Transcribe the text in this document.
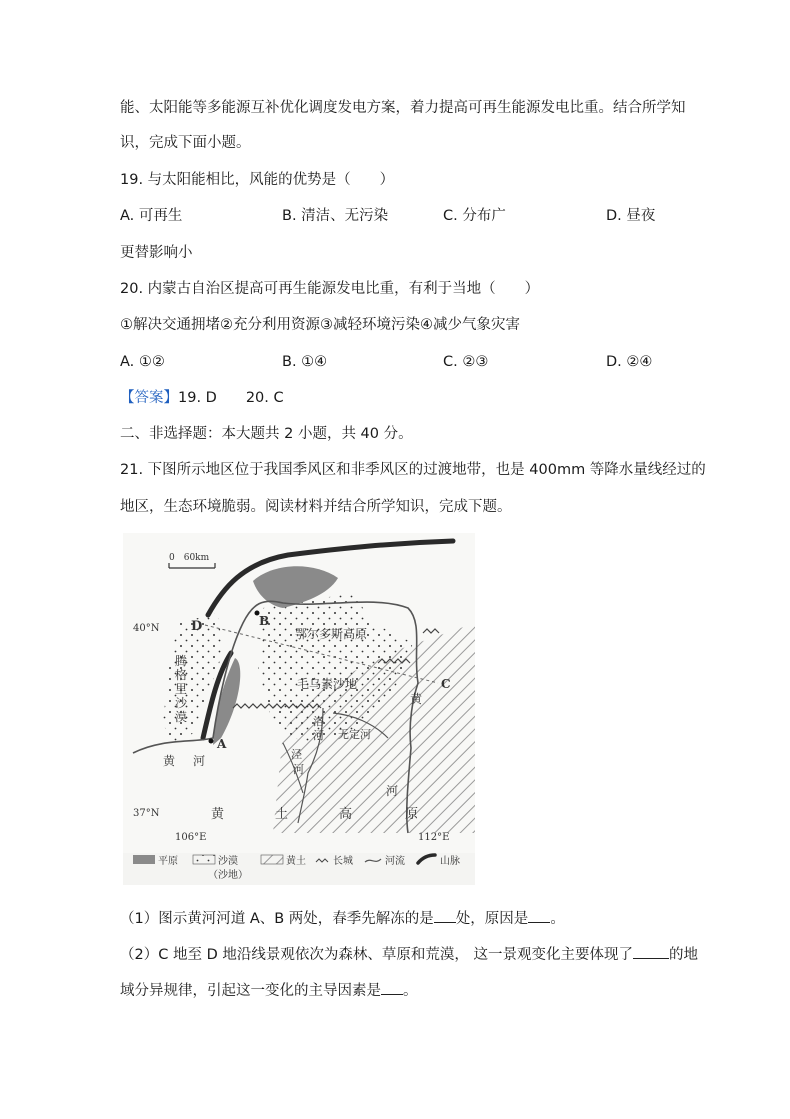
能、太阳能等多能源互补优化调度发电方案，着力提高可再生能源发电比重。结合所学知
识，完成下面小题。
19. 与太阳能相比，风能的优势是（　　）
A. 可再生	B. 清洁、无污染	C. 分布广	D. 昼夜
更替影响小
20. 内蒙古自治区提高可再生能源发电比重，有利于当地（　　）
①解决交通拥堵②充分利用资源③减轻环境污染④减少气象灾害
A. ①②	B. ①④	C. ②③	D. ②④
【答案】19. D　　20. C
二、非选择题：本大题共 2 小题，共 40 分。
21. 下图所示地区位于我国季风区和非季风区的过渡地带，也是 400mm 等降水量线经过的
地区，生态环境脆弱。阅读材料并结合所学知识，完成下题。
0　60km
40°N
37°N
106°E	112°E
D	B
C
A
鄂尔多斯高原
毛乌素沙地
无定河
腾
格
里
沙
漠
黄 河
黄
河
洛
河
泾
河
黄	土	高	原
平原	沙漠
（沙地）
黄土	长城	河流	山脉
（1）图示黄河河道 A、B 两处，春季先解冻的是 处，原因是 。
（2）C 地至 D 地沿线景观依次为森林、草原和荒漠， 这一景观变化主要体现了 的地
域分异规律，引起这一变化的主导因素是 。
